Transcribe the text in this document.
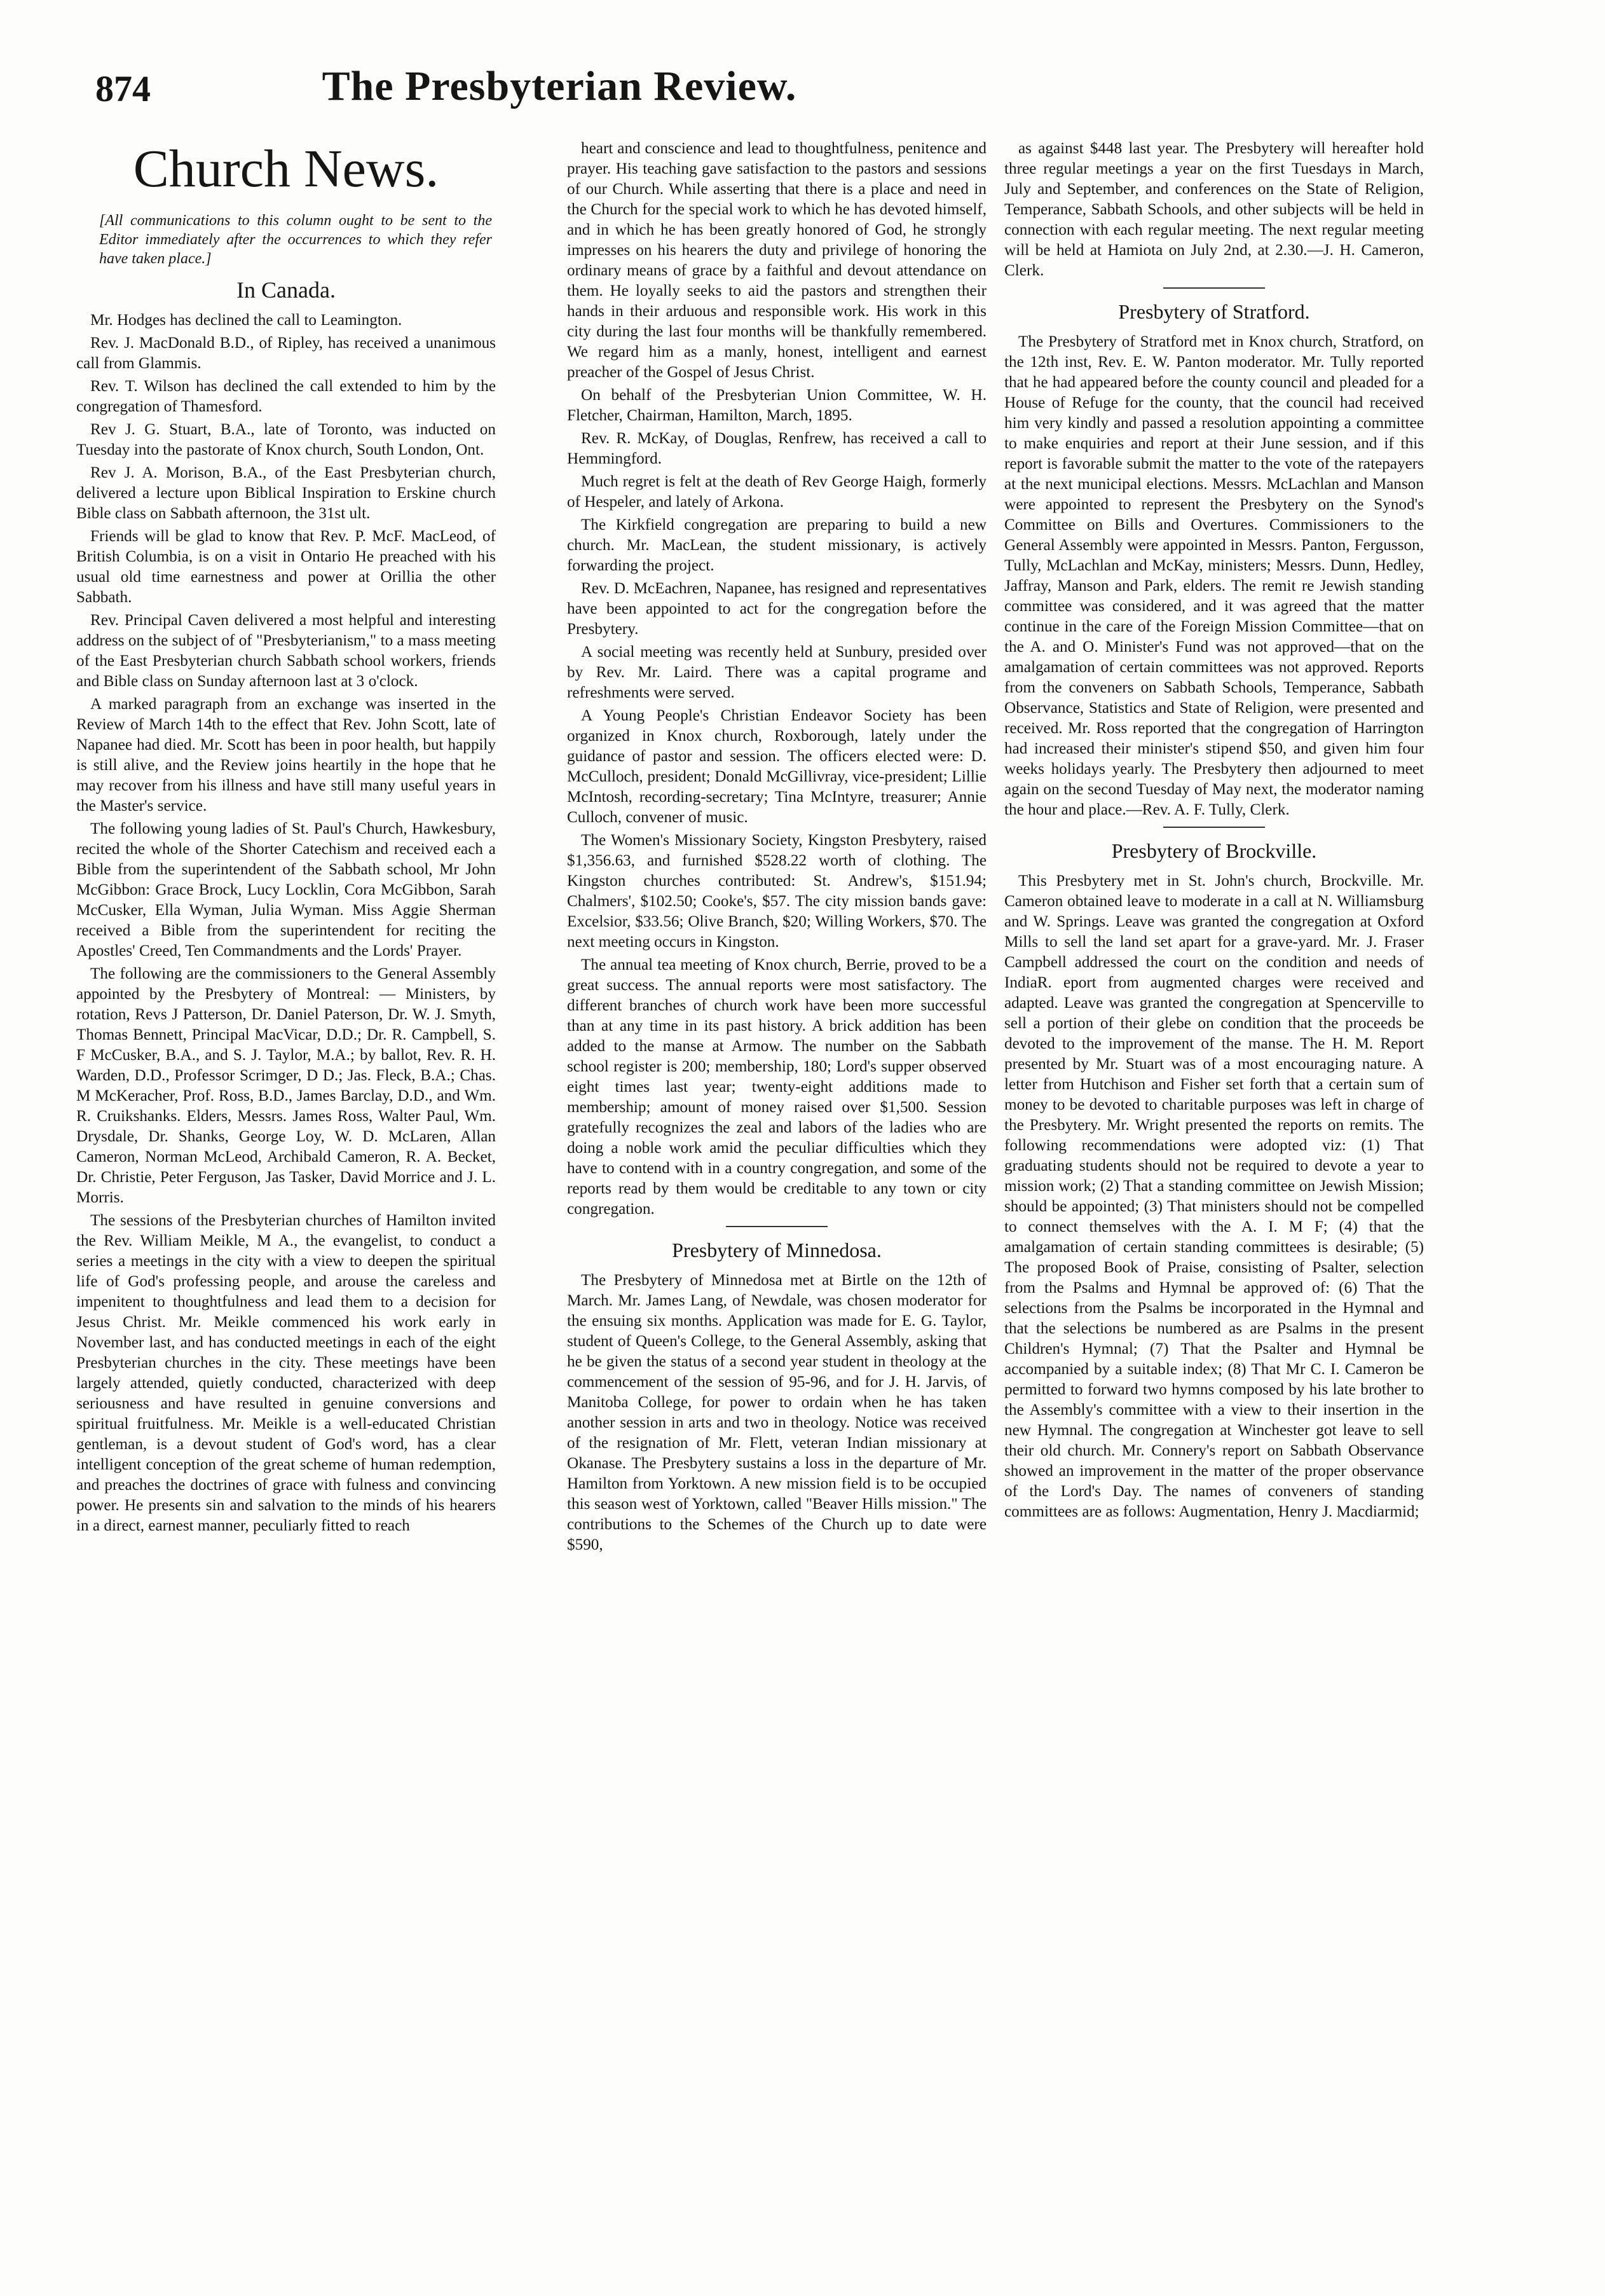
874	The Presbyterian Review.
Church News.
[All communications to this column ought to be sent to the Editor immediately after the occurrences to which they refer have taken place.]
In Canada.

Mr. Hodges has declined the call to Leamington.

Rev. J. MacDonald B.D., of Ripley, has received a unanimous call from Glammis.

Rev. T. Wilson has declined the call extended to him by the congregation of Thamesford.

Rev J. G. Stuart, B.A., late of Toronto, was inducted on Tuesday into the pastorate of Knox church, South London, Ont.

Rev J. A. Morison, B.A., of the East Presbyterian church, delivered a lecture upon Biblical Inspiration to Erskine church Bible class on Sabbath afternoon, the 31st ult.

Friends will be glad to know that Rev. P. McF. MacLeod, of British Columbia, is on a visit in Ontario He preached with his usual old time earnestness and power at Orillia the other Sabbath.

Rev. Principal Caven delivered a most helpful and interesting address on the subject of of "Presbyterianism," to a mass meeting of the East Presbyterian church Sabbath school workers, friends and Bible class on Sunday afternoon last at 3 o'clock.

A marked paragraph from an exchange was inserted in the Review of March 14th to the effect that Rev. John Scott, late of Napanee had died. Mr. Scott has been in poor health, but happily is still alive, and the Review joins heartily in the hope that he may recover from his illness and have still many useful years in the Master's service.

The following young ladies of St. Paul's Church, Hawkesbury, recited the whole of the Shorter Catechism and received each a Bible from the superintendent of the Sabbath school, Mr John McGibbon: Grace Brock, Lucy Locklin, Cora McGibbon, Sarah McCusker, Ella Wyman, Julia Wyman. Miss Aggie Sherman received a Bible from the superintendent for reciting the Apostles' Creed, Ten Commandments and the Lords' Prayer.

The following are the commissioners to the General Assembly appointed by the Presbytery of Montreal: — Ministers, by rotation, Revs J Patterson, Dr. Daniel Paterson, Dr. W. J. Smyth, Thomas Bennett, Principal MacVicar, D.D.; Dr. R. Campbell, S. F McCusker, B.A., and S. J. Taylor, M.A.; by ballot, Rev. R. H. Warden, D.D., Professor Scrimger, D D.; Jas. Fleck, B.A.; Chas. M McKeracher, Prof. Ross, B.D., James Barclay, D.D., and Wm. R. Cruikshanks. Elders, Messrs. James Ross, Walter Paul, Wm. Drysdale, Dr. Shanks, George Loy, W. D. McLaren, Allan Cameron, Norman McLeod, Archibald Cameron, R. A. Becket, Dr. Christie, Peter Ferguson, Jas Tasker, David Morrice and J. L. Morris.

The sessions of the Presbyterian churches of Hamilton invited the Rev. William Meikle, M A., the evangelist, to conduct a series a meetings in the city with a view to deepen the spiritual life of God's professing people, and arouse the careless and impenitent to thoughtfulness and lead them to a decision for Jesus Christ. Mr. Meikle commenced his work early in November last, and has conducted meetings in each of the eight Presbyterian churches in the city. These meetings have been largely attended, quietly conducted, characterized with deep seriousness and have resulted in genuine conversions and spiritual fruitfulness. Mr. Meikle is a well-educated Christian gentleman, is a devout student of God's word, has a clear intelligent conception of the great scheme of human redemption, and preaches the doctrines of grace with fulness and convincing power. He presents sin and salvation to the minds of his hearers in a direct, earnest manner, peculiarly fitted to reach

heart and conscience and lead to thoughtfulness, penitence and prayer. His teaching gave satisfaction to the pastors and sessions of our Church. While asserting that there is a place and need in the Church for the special work to which he has devoted himself, and in which he has been greatly honored of God, he strongly impresses on his hearers the duty and privilege of honoring the ordinary means of grace by a faithful and devout attendance on them. He loyally seeks to aid the pastors and strengthen their hands in their arduous and responsible work. His work in this city during the last four months will be thankfully remembered. We regard him as a manly, honest, intelligent and earnest preacher of the Gospel of Jesus Christ.

On behalf of the Presbyterian Union Committee, W. H. Fletcher, Chairman, Hamilton, March, 1895.

Rev. R. McKay, of Douglas, Renfrew, has received a call to Hemmingford.

Much regret is felt at the death of Rev George Haigh, formerly of Hespeler, and lately of Arkona.

The Kirkfield congregation are preparing to build a new church. Mr. MacLean, the student missionary, is actively forwarding the project.

Rev. D. McEachren, Napanee, has resigned and representatives have been appointed to act for the congregation before the Presbytery.

A social meeting was recently held at Sunbury, presided over by Rev. Mr. Laird. There was a capital programe and refreshments were served.

A Young People's Christian Endeavor Society has been organized in Knox church, Roxborough, lately under the guidance of pastor and session. The officers elected were: D. McCulloch, president; Donald McGillivray, vice-president; Lillie McIntosh, recording-secretary; Tina McIntyre, treasurer; Annie Culloch, convener of music.

The Women's Missionary Society, Kingston Presbytery, raised $1,356.63, and furnished $528.22 worth of clothing. The Kingston churches contributed: St. Andrew's, $151.94; Chalmers', $102.50; Cooke's, $57. The city mission bands gave: Excelsior, $33.56; Olive Branch, $20; Willing Workers, $70. The next meeting occurs in Kingston.

The annual tea meeting of Knox church, Berrie, proved to be a great success. The annual reports were most satisfactory. The different branches of church work have been more successful than at any time in its past history. A brick addition has been added to the manse at Armow. The number on the Sabbath school register is 200; membership, 180; Lord's supper observed eight times last year; twenty-eight additions made to membership; amount of money raised over $1,500. Session gratefully recognizes the zeal and labors of the ladies who are doing a noble work amid the peculiar difficulties which they have to contend with in a country congregation, and some of the reports read by them would be creditable to any town or city congregation.

Presbytery of Minnedosa.

The Presbytery of Minnedosa met at Birtle on the 12th of March. Mr. James Lang, of Newdale, was chosen moderator for the ensuing six months. Application was made for E. G. Taylor, student of Queen's College, to the General Assembly, asking that he be given the status of a second year student in theology at the commencement of the session of 95-96, and for J. H. Jarvis, of Manitoba College, for power to ordain when he has taken another session in arts and two in theology. Notice was received of the resignation of Mr. Flett, veteran Indian missionary at Okanase. The Presbytery sustains a loss in the departure of Mr. Hamilton from Yorktown. A new mission field is to be occupied this season west of Yorktown, called "Beaver Hills mission." The contributions to the Schemes of the Church up to date were $590,

as against $448 last year. The Presbytery will hereafter hold three regular meetings a year on the first Tuesdays in March, July and September, and conferences on the State of Religion, Temperance, Sabbath Schools, and other subjects will be held in connection with each regular meeting. The next regular meeting will be held at Hamiota on July 2nd, at 2.30.—J. H. Cameron, Clerk.

Presbytery of Stratford.

The Presbytery of Stratford met in Knox church, Stratford, on the 12th inst, Rev. E. W. Panton moderator. Mr. Tully reported that he had appeared before the county council and pleaded for a House of Refuge for the county, that the council had received him very kindly and passed a resolution appointing a committee to make enquiries and report at their June session, and if this report is favorable submit the matter to the vote of the ratepayers at the next municipal elections. Messrs. McLachlan and Manson were appointed to represent the Presbytery on the Synod's Committee on Bills and Overtures. Commissioners to the General Assembly were appointed in Messrs. Panton, Fergusson, Tully, McLachlan and McKay, ministers; Messrs. Dunn, Hedley, Jaffray, Manson and Park, elders. The remit re Jewish standing committee was considered, and it was agreed that the matter continue in the care of the Foreign Mission Committee—that on the A. and O. Minister's Fund was not approved—that on the amalgamation of certain committees was not approved. Reports from the conveners on Sabbath Schools, Temperance, Sabbath Observance, Statistics and State of Religion, were presented and received. Mr. Ross reported that the congregation of Harrington had increased their minister's stipend $50, and given him four weeks holidays yearly. The Presbytery then adjourned to meet again on the second Tuesday of May next, the moderator naming the hour and place.—Rev. A. F. Tully, Clerk.

Presbytery of Brockville.

This Presbytery met in St. John's church, Brockville. Mr. Cameron obtained leave to moderate in a call at N. Williamsburg and W. Springs. Leave was granted the congregation at Oxford Mills to sell the land set apart for a grave-yard. Mr. J. Fraser Campbell addressed the court on the condition and needs of IndiaR. eport from augmented charges were received and adapted. Leave was granted the congregation at Spencerville to sell a portion of their glebe on condition that the proceeds be devoted to the improvement of the manse. The H. M. Report presented by Mr. Stuart was of a most encouraging nature. A letter from Hutchison and Fisher set forth that a certain sum of money to be devoted to charitable purposes was left in charge of the Presbytery. Mr. Wright presented the reports on remits. The following recommendations were adopted viz: (1) That graduating students should not be required to devote a year to mission work; (2) That a standing committee on Jewish Mission; should be appointed; (3) That ministers should not be compelled to connect themselves with the A. I. M F; (4) that the amalgamation of certain standing committees is desirable; (5) The proposed Book of Praise, consisting of Psalter, selection from the Psalms and Hymnal be approved of: (6) That the selections from the Psalms be incorporated in the Hymnal and that the selections be numbered as are Psalms in the present Children's Hymnal; (7) That the Psalter and Hymnal be accompanied by a suitable index; (8) That Mr C. I. Cameron be permitted to forward two hymns composed by his late brother to the Assembly's committee with a view to their insertion in the new Hymnal. The congregation at Winchester got leave to sell their old church. Mr. Connery's report on Sabbath Observance showed an improvement in the matter of the proper observance of the Lord's Day. The names of conveners of standing committees are as follows: Augmentation, Henry J. Macdiarmid;
